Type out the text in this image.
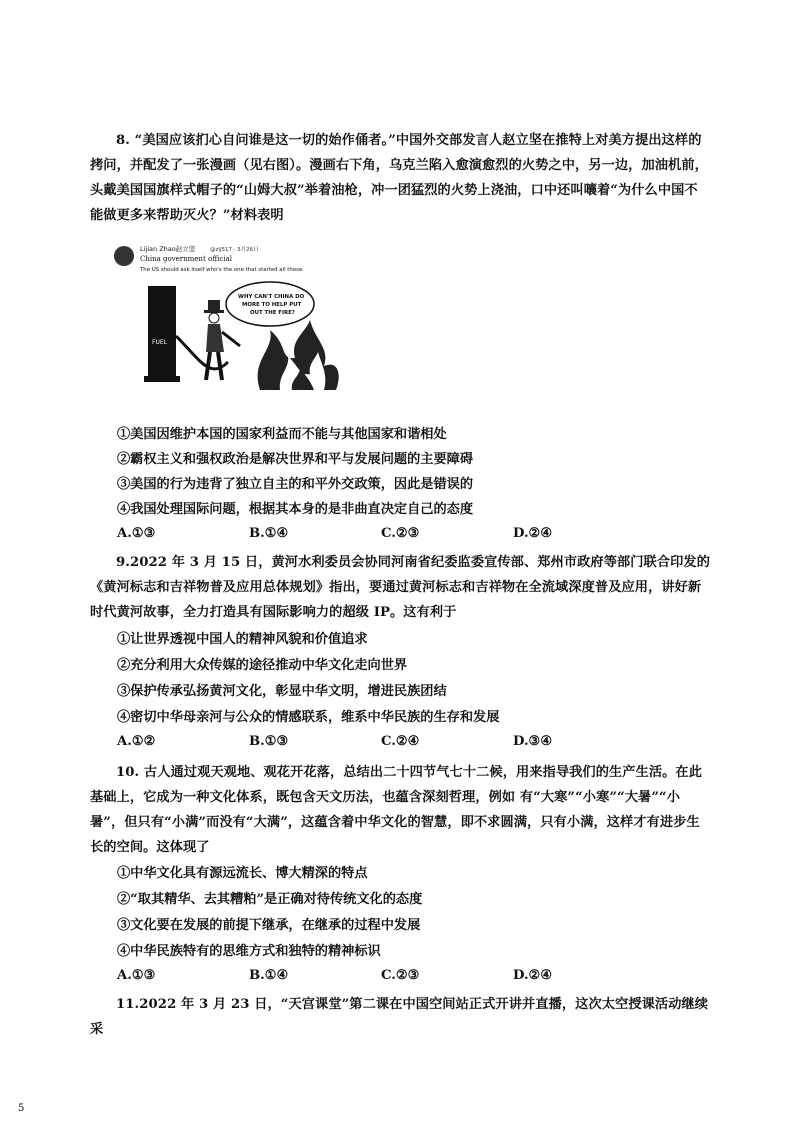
8. “美国应该扪心自问谁是这一切的始作俑者。”中国外交部发言人赵立坚在推特上对美方提出这样的拷问，并配发了一张漫画（见右图）。漫画右下角，乌克兰陷入愈演愈烈的火势之中，另一边，加油机前，头戴美国国旗样式帽子的“山姆大叔”举着油枪，冲一团猛烈的火势上浇油，口中还叫嚷着“为什么中国不能做更多来帮助灭火？”材料表明
Lijian Zhao赵立坚	@zlj517 · 3月26日
China government official
The US should ask itself who's the one that started all these.
FUEL
WHY CAN'T CHINA DO
MORE TO HELP PUT
OUT THE FIRE?
①美国因维护本国的国家利益而不能与其他国家和谐相处
②霸权主义和强权政治是解决世界和平与发展问题的主要障碍
③美国的行为违背了独立自主的和平外交政策，因此是错误的
④我国处理国际问题，根据其本身的是非曲直决定自己的态度
A.①③	B.①④	C.②③	D.②④
9.2022 年 3 月 15 日，黄河水利委员会协同河南省纪委监委宣传部、郑州市政府等部门联合印发的《黄河标志和吉祥物普及应用总体规划》指出，要通过黄河标志和吉祥物在全流域深度普及应用，讲好新时代黄河故事，全力打造具有国际影响力的超级 IP。这有利于
①让世界透视中国人的精神风貌和价值追求
②充分利用大众传媒的途径推动中华文化走向世界
③保护传承弘扬黄河文化，彰显中华文明，增进民族团结
④密切中华母亲河与公众的情感联系，维系中华民族的生存和发展
A.①②	B.①③	C.②④	D.③④
10. 古人通过观天观地、观花开花落，总结出二十四节气七十二候，用来指导我们的生产生活。在此基础上，它成为一种文化体系，既包含天文历法，也蕴含深刻哲理，例如 有“大寒”“小寒”“大暑”“小暑”，但只有“小满”而没有“大满”，这蕴含着中华文化的智慧，即不求圆满，只有小满，这样才有进步生长的空间。这体现了
①中华文化具有源远流长、博大精深的特点
②“取其精华、去其糟粕”是正确对待传统文化的态度
③文化要在发展的前提下继承，在继承的过程中发展
④中华民族特有的思维方式和独特的精神标识
A.①③	B.①④	C.②③	D.②④
11.2022 年 3 月 23 日，“天宫课堂”第二课在中国空间站正式开讲并直播，这次太空授课活动继续采
5
